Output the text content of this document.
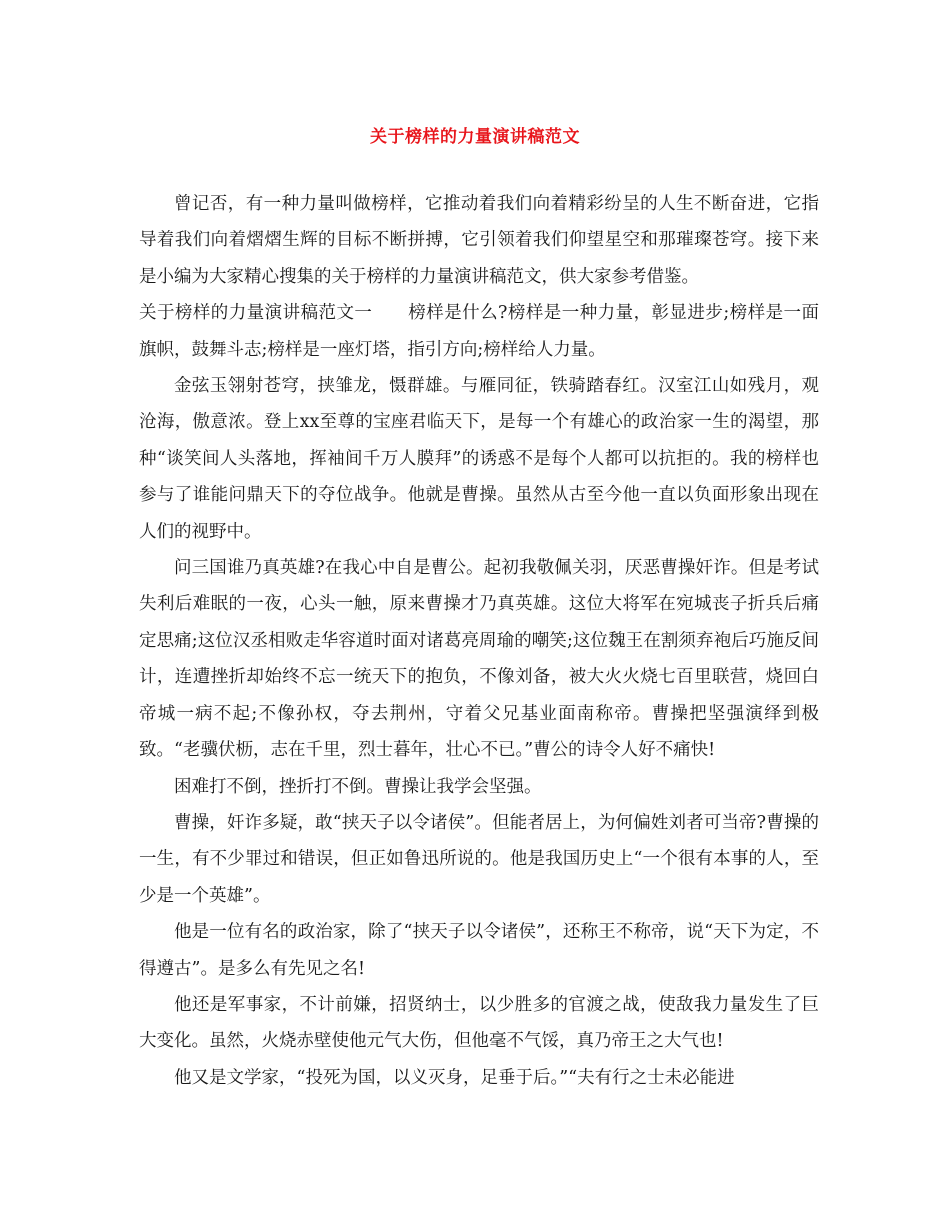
关于榜样的力量演讲稿范文

曾记否，有一种力量叫做榜样，它推动着我们向着精彩纷呈的人生不断奋进，它指导着我们向着熠熠生辉的目标不断拼搏，它引领着我们仰望星空和那璀璨苍穹。接下来是小编为大家精心搜集的关于榜样的力量演讲稿范文，供大家参考借鉴。

关于榜样的力量演讲稿范文一　　榜样是什么?榜样是一种力量，彰显进步;榜样是一面旗帜，鼓舞斗志;榜样是一座灯塔，指引方向;榜样给人力量。

金弦玉翎射苍穹，挟雏龙，慑群雄。与雁同征，铁骑踏春红。汉室江山如残月，观沧海，傲意浓。登上xx至尊的宝座君临天下，是每一个有雄心的政治家一生的渴望，那种“谈笑间人头落地，挥袖间千万人膜拜”的诱惑不是每个人都可以抗拒的。我的榜样也参与了谁能问鼎天下的夺位战争。他就是曹操。虽然从古至今他一直以负面形象出现在人们的视野中。

问三国谁乃真英雄?在我心中自是曹公。起初我敬佩关羽，厌恶曹操奸诈。但是考试失利后难眠的一夜，心头一触，原来曹操才乃真英雄。这位大将军在宛城丧子折兵后痛定思痛;这位汉丞相败走华容道时面对诸葛亮周瑜的嘲笑;这位魏王在割须弃袍后巧施反间计，连遭挫折却始终不忘一统天下的抱负，不像刘备，被大火火烧七百里联营，烧回白帝城一病不起;不像孙权，夺去荆州，守着父兄基业面南称帝。曹操把坚强演绎到极致。“老骥伏枥，志在千里，烈士暮年，壮心不已。”曹公的诗令人好不痛快!

困难打不倒，挫折打不倒。曹操让我学会坚强。

曹操，奸诈多疑，敢“挟天子以令诸侯”。但能者居上，为何偏姓刘者可当帝?曹操的一生，有不少罪过和错误，但正如鲁迅所说的。他是我国历史上“一个很有本事的人，至少是一个英雄”。

他是一位有名的政治家，除了“挟天子以令诸侯”，还称王不称帝，说“天下为定，不得遵古”。是多么有先见之名!

他还是军事家，不计前嫌，招贤纳士，以少胜多的官渡之战，使敌我力量发生了巨大变化。虽然，火烧赤壁使他元气大伤，但他毫不气馁，真乃帝王之大气也!

他又是文学家，“投死为国，以义灭身，足垂于后。”“夫有行之士未必能进
